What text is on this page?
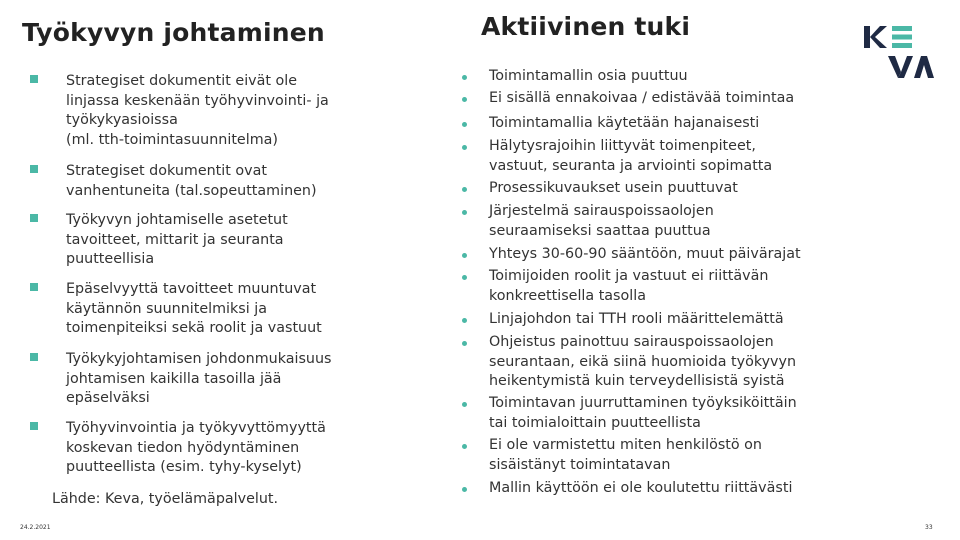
Työkyvyn johtaminen	Aktiivinen tuki
Strategiset dokumentit eivät ole
linjassa keskenään työhyvinvointi- ja
työkykyasioissa
(ml. tth-toimintasuunnitelma)
Strategiset dokumentit ovat
vanhentuneita (tal.sopeuttaminen)
Työkyvyn johtamiselle asetetut
tavoitteet, mittarit ja seuranta
puutteellisia
Epäselvyyttä tavoitteet muuntuvat
käytännön suunnitelmiksi ja
toimenpiteiksi sekä roolit ja vastuut
Työkykyjohtamisen johdonmukaisuus
johtamisen kaikilla tasoilla jää
epäselväksi
Työhyvinvointia ja työkyvyttömyyttä
koskevan tiedon hyödyntäminen
puutteellista (esim. tyhy-kyselyt)
Lähde: Keva, työelämäpalvelut.
Toimintamallin osia puuttuu
Ei sisällä ennakoivaa / edistävää toimintaa
Toimintamallia käytetään hajanaisesti
Hälytysrajoihin liittyvät toimenpiteet,
vastuut, seuranta ja arviointi sopimatta
Prosessikuvaukset usein puuttuvat
Järjestelmä sairauspoissaolojen
seuraamiseksi saattaa puuttua
Yhteys 30-60-90 sääntöön, muut päivärajat
Toimijoiden roolit ja vastuut ei riittävän
konkreettisella tasolla
Linjajohdon tai TTH rooli määrittelemättä
Ohjeistus painottuu sairauspoissaolojen
seurantaan, eikä siinä huomioida työkyvyn
heikentymistä kuin terveydellisistä syistä
Toimintavan juurruttaminen työyksiköittäin
tai toimialoittain puutteellista
Ei ole varmistettu miten henkilöstö on
sisäistänyt toimintatavan
Mallin käyttöön ei ole koulutettu riittävästi
24.2.2021	33
